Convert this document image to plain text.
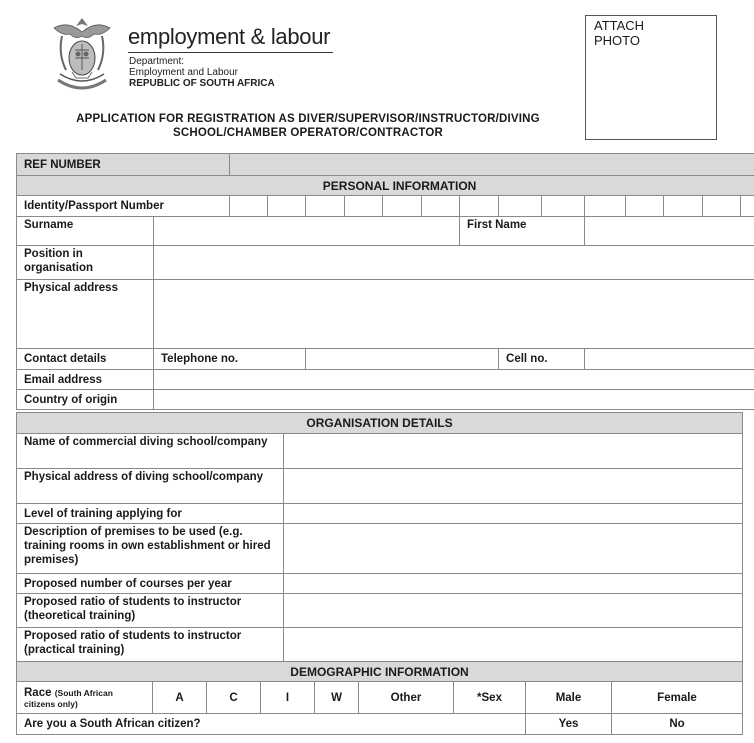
employment & labour
Department:
Employment and Labour
REPUBLIC OF SOUTH AFRICA
APPLICATION FOR REGISTRATION AS DIVER/SUPERVISOR/INSTRUCTOR/DIVING
SCHOOL/CHAMBER OPERATOR/CONTRACTOR
ATTACH
PHOTO
REF NUMBER															
PERSONAL INFORMATION															
Identity/Passport Number															
Surname								First Name							
Position in organisation															
Physical address															
Contact details	Telephone no.								Cell no.						
Email address															
Country of origin															
ORGANISATION DETAILS	
Name of commercial diving school/company	
Physical address of diving school/company	
Level of training applying for	
Description of premises to be used (e.g. training rooms in own establishment or hired premises)	
Proposed number of courses per year	
Proposed ratio of students to instructor (theoretical training)	
Proposed ratio of students to instructor (practical training)	
DEMOGRAPHIC INFORMATION								

Race (South African
citizens only)	A	C	I	W	Other	*Sex	Male	Female
Are you a South African citizen?							Yes	No
